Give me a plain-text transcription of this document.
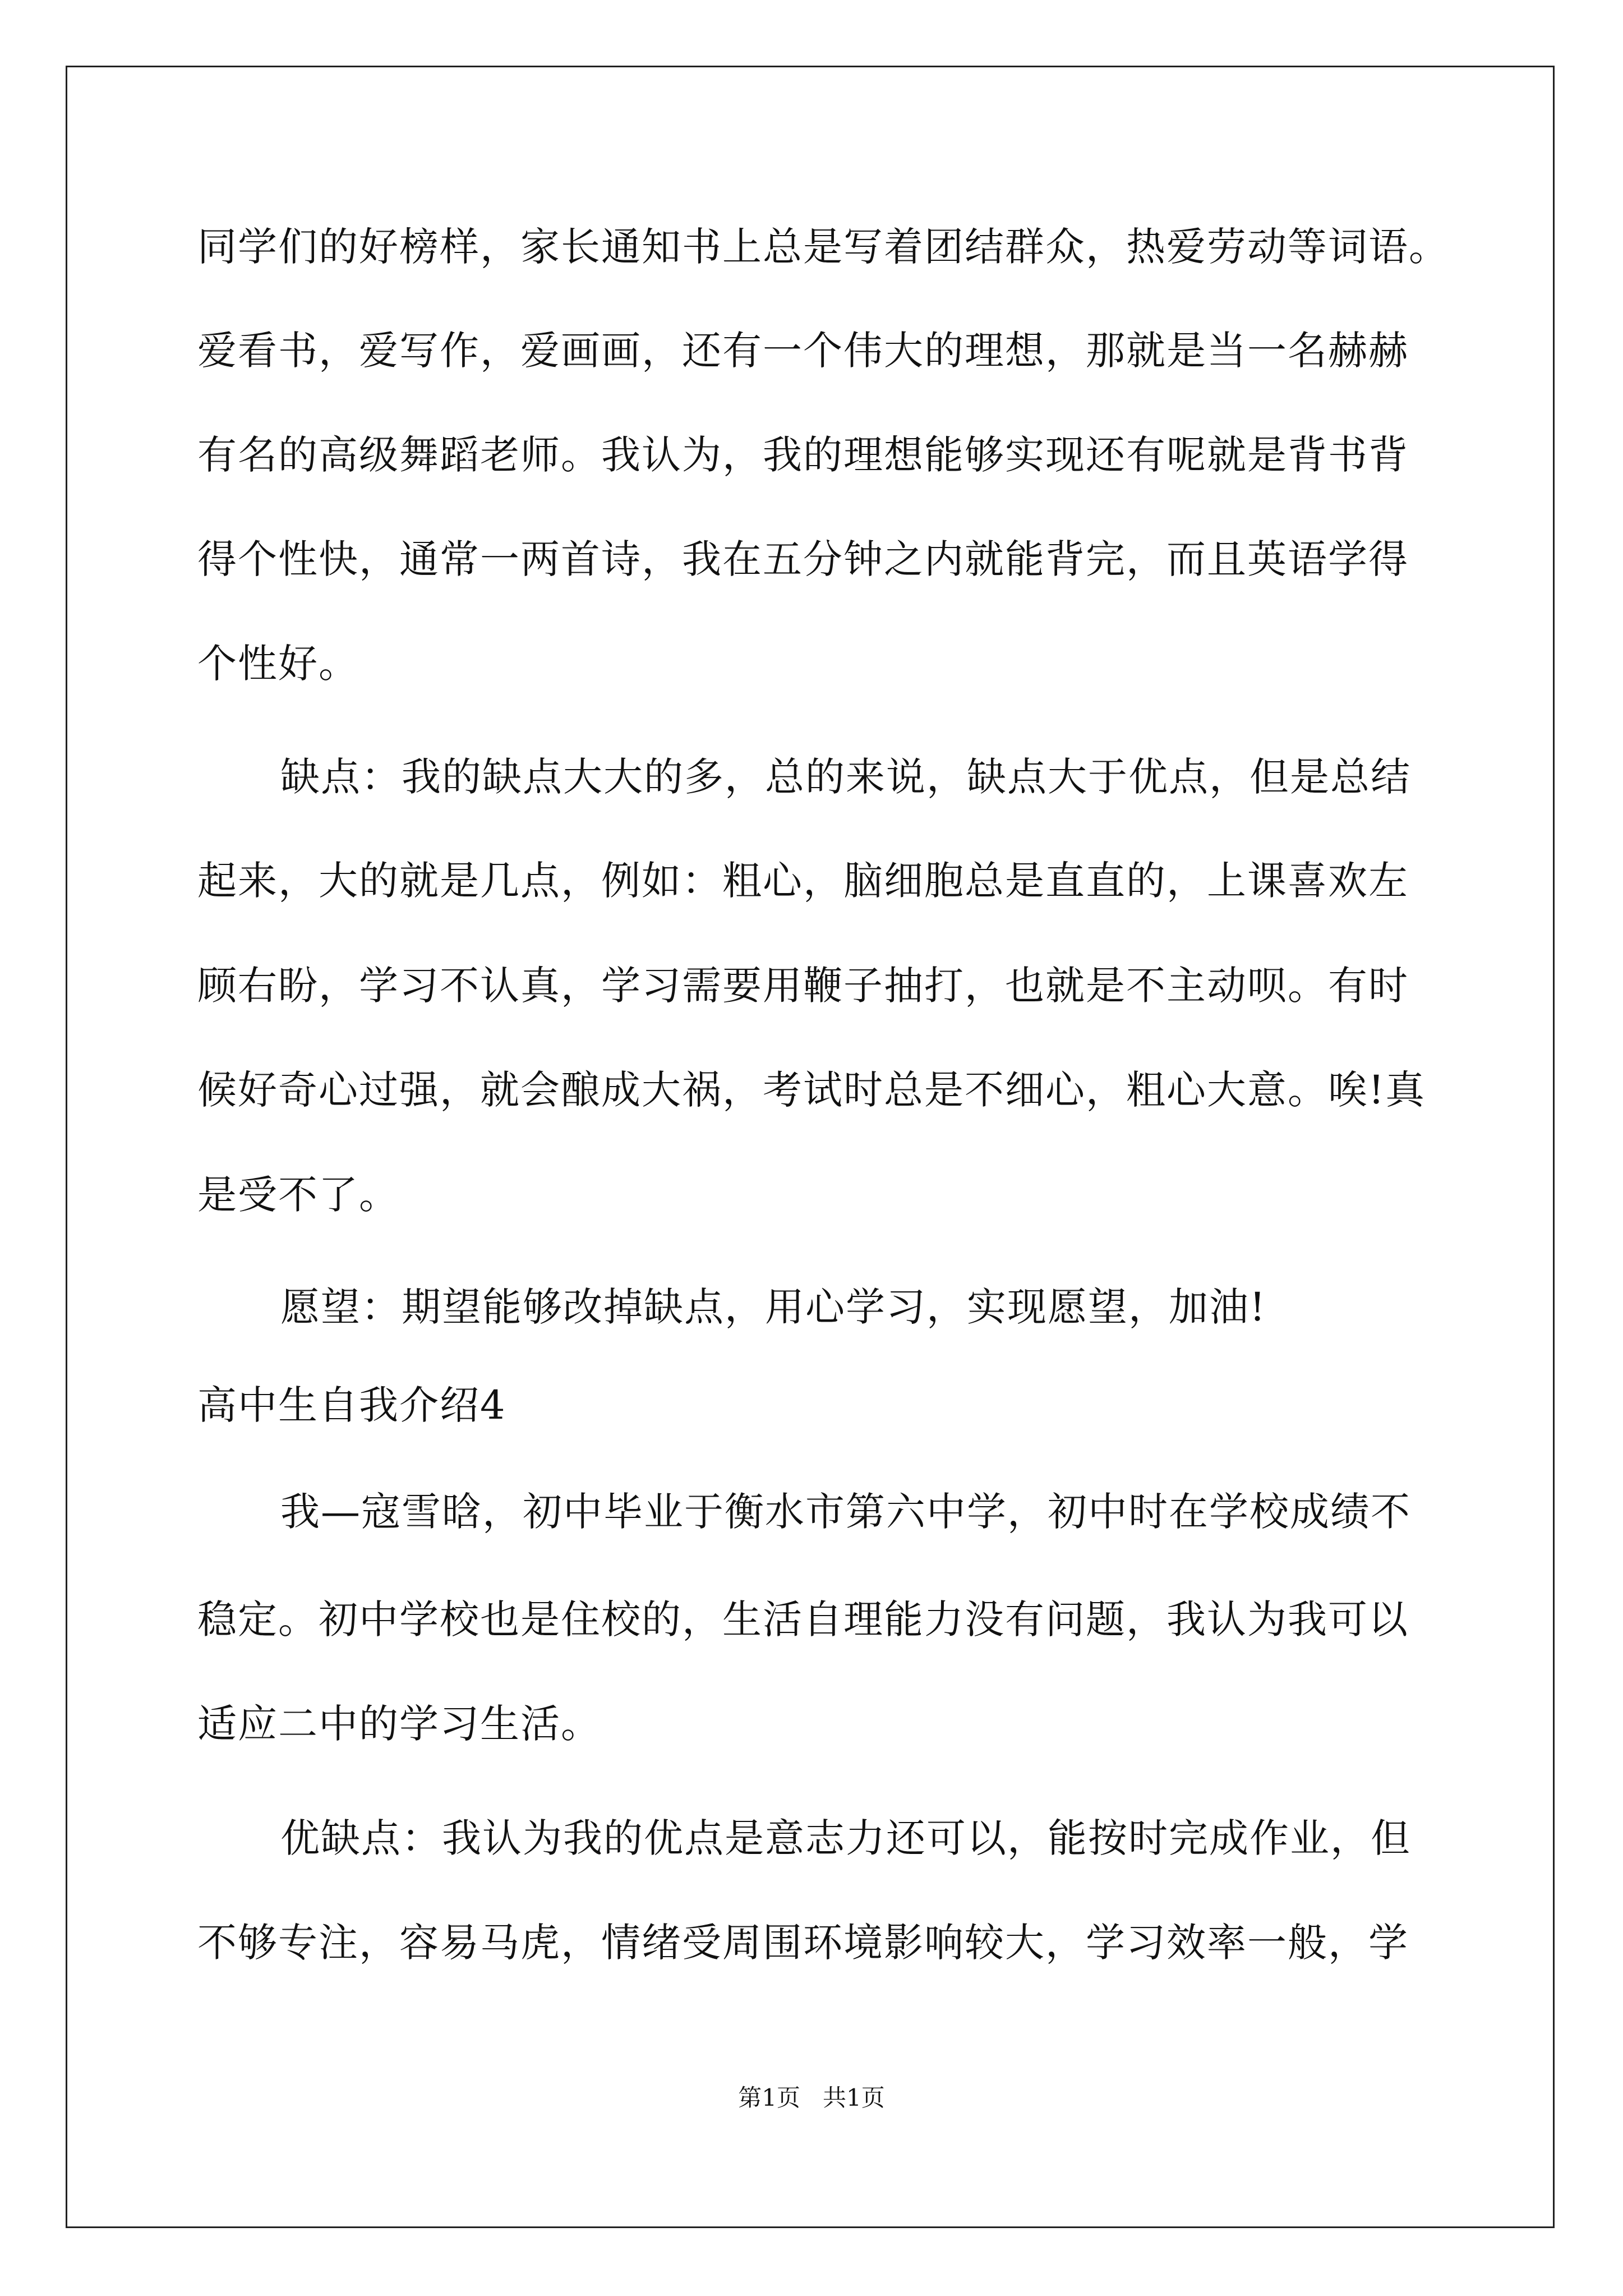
同学们的好榜样，家长通知书上总是写着团结群众，热爱劳动等词语。
爱看书，爱写作，爱画画，还有一个伟大的理想，那就是当一名赫赫
有名的高级舞蹈老师。我认为，我的理想能够实现还有呢就是背书背
得个性快，通常一两首诗，我在五分钟之内就能背完，而且英语学得
个性好。
缺点：我的缺点大大的多，总的来说，缺点大于优点，但是总结
起来，大的就是几点，例如：粗心，脑细胞总是直直的，上课喜欢左
顾右盼，学习不认真，学习需要用鞭子抽打，也就是不主动呗。有时
候好奇心过强，就会酿成大祸，考试时总是不细心，粗心大意。唉!真
是受不了。
愿望：期望能够改掉缺点，用心学习，实现愿望，加油!
高中生自我介绍4
我—寇雪晗，初中毕业于衡水市第六中学，初中时在学校成绩不
稳定。初中学校也是住校的，生活自理能力没有问题，我认为我可以
适应二中的学习生活。
优缺点：我认为我的优点是意志力还可以，能按时完成作业，但
不够专注，容易马虎，情绪受周围环境影响较大，学习效率一般，学
第1页   共1页
